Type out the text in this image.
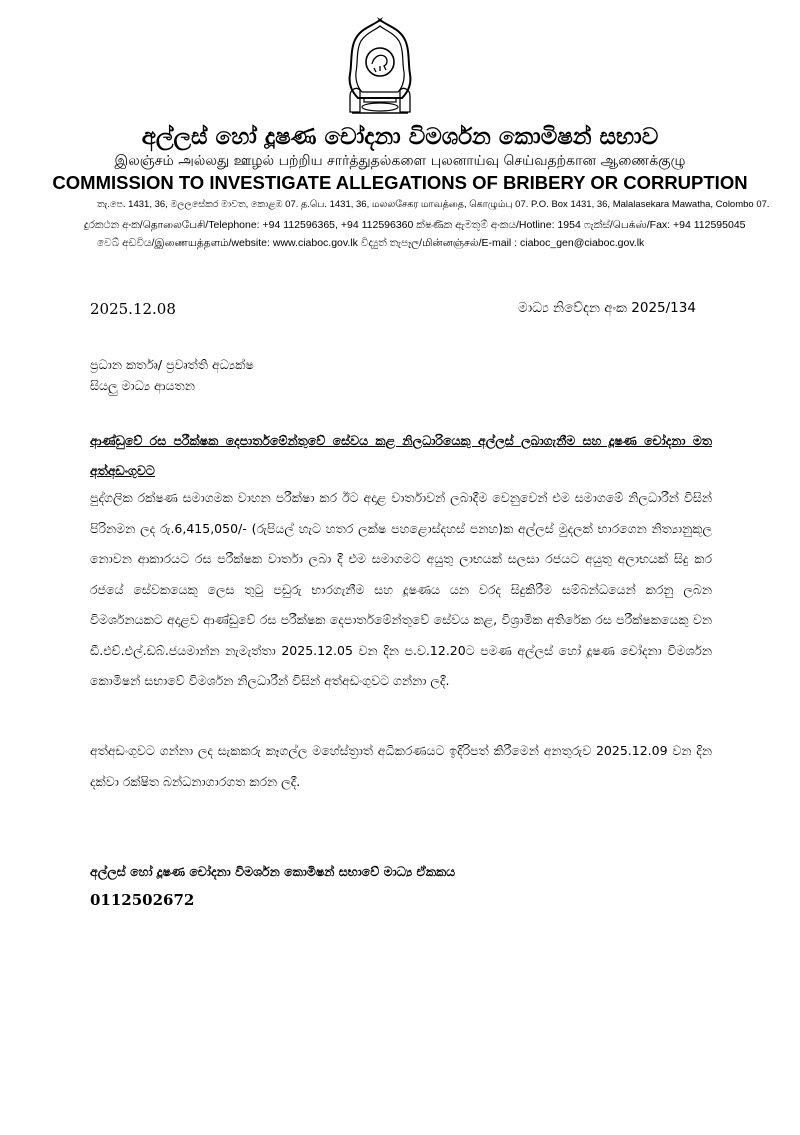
අල්ලස් හෝ දූෂණ චෝදනා විමර්ශන කොමිෂන් සභාව
இலஞ்சம் அல்லது ஊழல் பற்றிய சார்த்துதல்களை புலனாய்வு செய்வதற்கான ஆணைக்குழு
COMMISSION TO INVESTIGATE ALLEGATIONS OF BRIBERY OR CORRUPTION
තැ.පෙ. 1431, 36, මලලසේකර මාවත, කොළඹ 07. த.பெ. 1431, 36, மலலசேகர மாவத்தை, கொழும்பு 07. P.O. Box 1431, 36, Malalasekara Mawatha, Colombo 07.
දුරකථන අංක/தொலைபேசி/Telephone: +94 112596365, +94 112596360 ක්ෂණික ඇමතුම් අංකය/Hotline: 1954 ෆැක්ස්/பெக்ஸ்/Fax: +94 112595045
වෙබ් අඩවිය/இணையத்தளம்/website: www.ciaboc.gov.lk විද්‍යුත් තැපෑල/மின்னஞ்சல்/E-mail : ciaboc_gen@ciaboc.gov.lk
2025.12.08	මාධ්‍ය නිවේදන අංක 2025/134
ප්‍රධාන කර්තෘ/ ප්‍රවෘත්ති අධ්‍යක්ෂ
සියලු මාධ්‍ය ආයතන
ආණ්ඩුවේ රස පරීක්ෂක දෙපාර්තමේන්තුවේ සේවය කළ නිලධාරියෙකු අල්ලස් ලබාගැනීම සහ දූෂණ චෝදනා මත අත්අඩංගුවට
පුද්ගලික රක්ෂණ සමාගමක වාහන පරීක්ෂා කර ඊට අදාළ වාර්තාවන් ලබාදීම වෙනුවෙන් එම සමාගමේ නිලධාරීන් විසින් පිරිනමන ලද රු.6,415,050/- (රුපියල් හැට හතර ලක්ෂ පහළොස්දහස් පනහ)ක අල්ලස් මුදලක් භාරගෙන නිත්‍යානුකූල නොවන ආකාරයට රස පරීක්ෂක වාර්තා ලබා දී එම සමාගමට අයුතු ලාභයක් සලසා රජයට අයුතු අලාභයක් සිදු කර රජයේ සේවකයෙකු ලෙස තුටු පඩුරු භාරගැනීම සහ දූෂණය යන වරද සිදුකිරීම සම්බන්ධයෙන් කරනු ලබන විමර්ශනයකට අදාළව ආණ්ඩුවේ රස පරීක්ෂක දෙපාර්තමේන්තුවේ සේවය කළ, විශ්‍රාමික අතිරේක රස පරීක්ෂකයෙකු වන ඩී.එච්.එල්.ඩබ්.ජයමාන්න නැමැත්තා 2025.12.05 වන දින ප.ව.12.20ට පමණ අල්ලස් හෝ දූෂණ චෝදනා විමර්ශන කොමිෂන් සභාවේ විමර්ශන නිලධාරීන් විසින් අත්අඩංගුවට ගන්නා ලදී.
අත්අඩංගුවට ගන්නා ලද සැකකරු කෑගල්ල මහේස්ත්‍රාත් අධිකරණයට ඉදිරිපත් කිරීමෙන් අනතුරුව 2025.12.09 වන දින දක්වා රක්ෂිත බන්ධනාගාරගත කරන ලදී.
අල්ලස් හෝ දූෂණ චෝදනා විමර්ශන කොමිෂන් සභාවේ මාධ්‍ය ඒකකය
0112502672
